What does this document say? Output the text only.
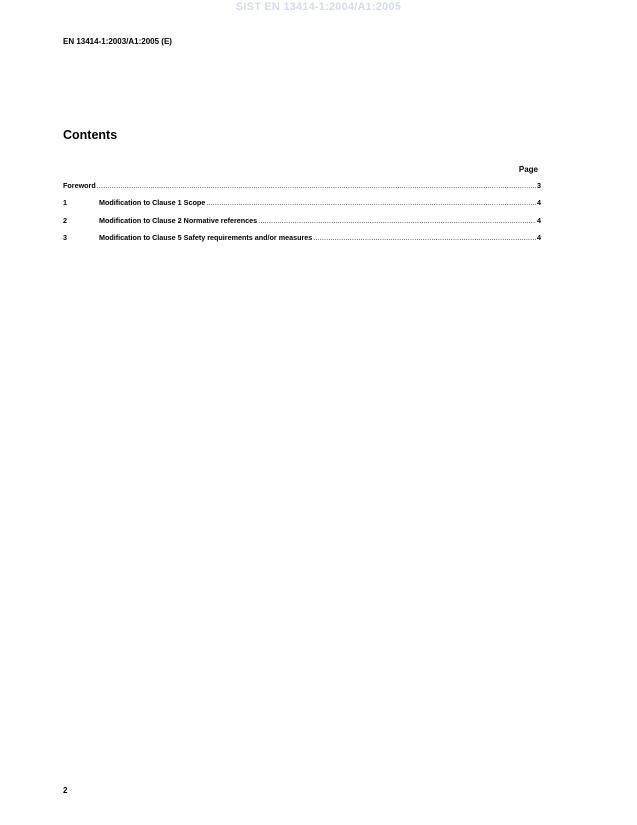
SIST EN 13414-1:2004/A1:2005
EN 13414-1:2003/A1:2005 (E)
Contents
Page
Foreword .....	3
1	Modification to Clause 1 Scope .....	4
2	Modification to Clause 2 Normative references .....	4
3	Modification to Clause 5 Safety requirements and/or measures .....	4
2
